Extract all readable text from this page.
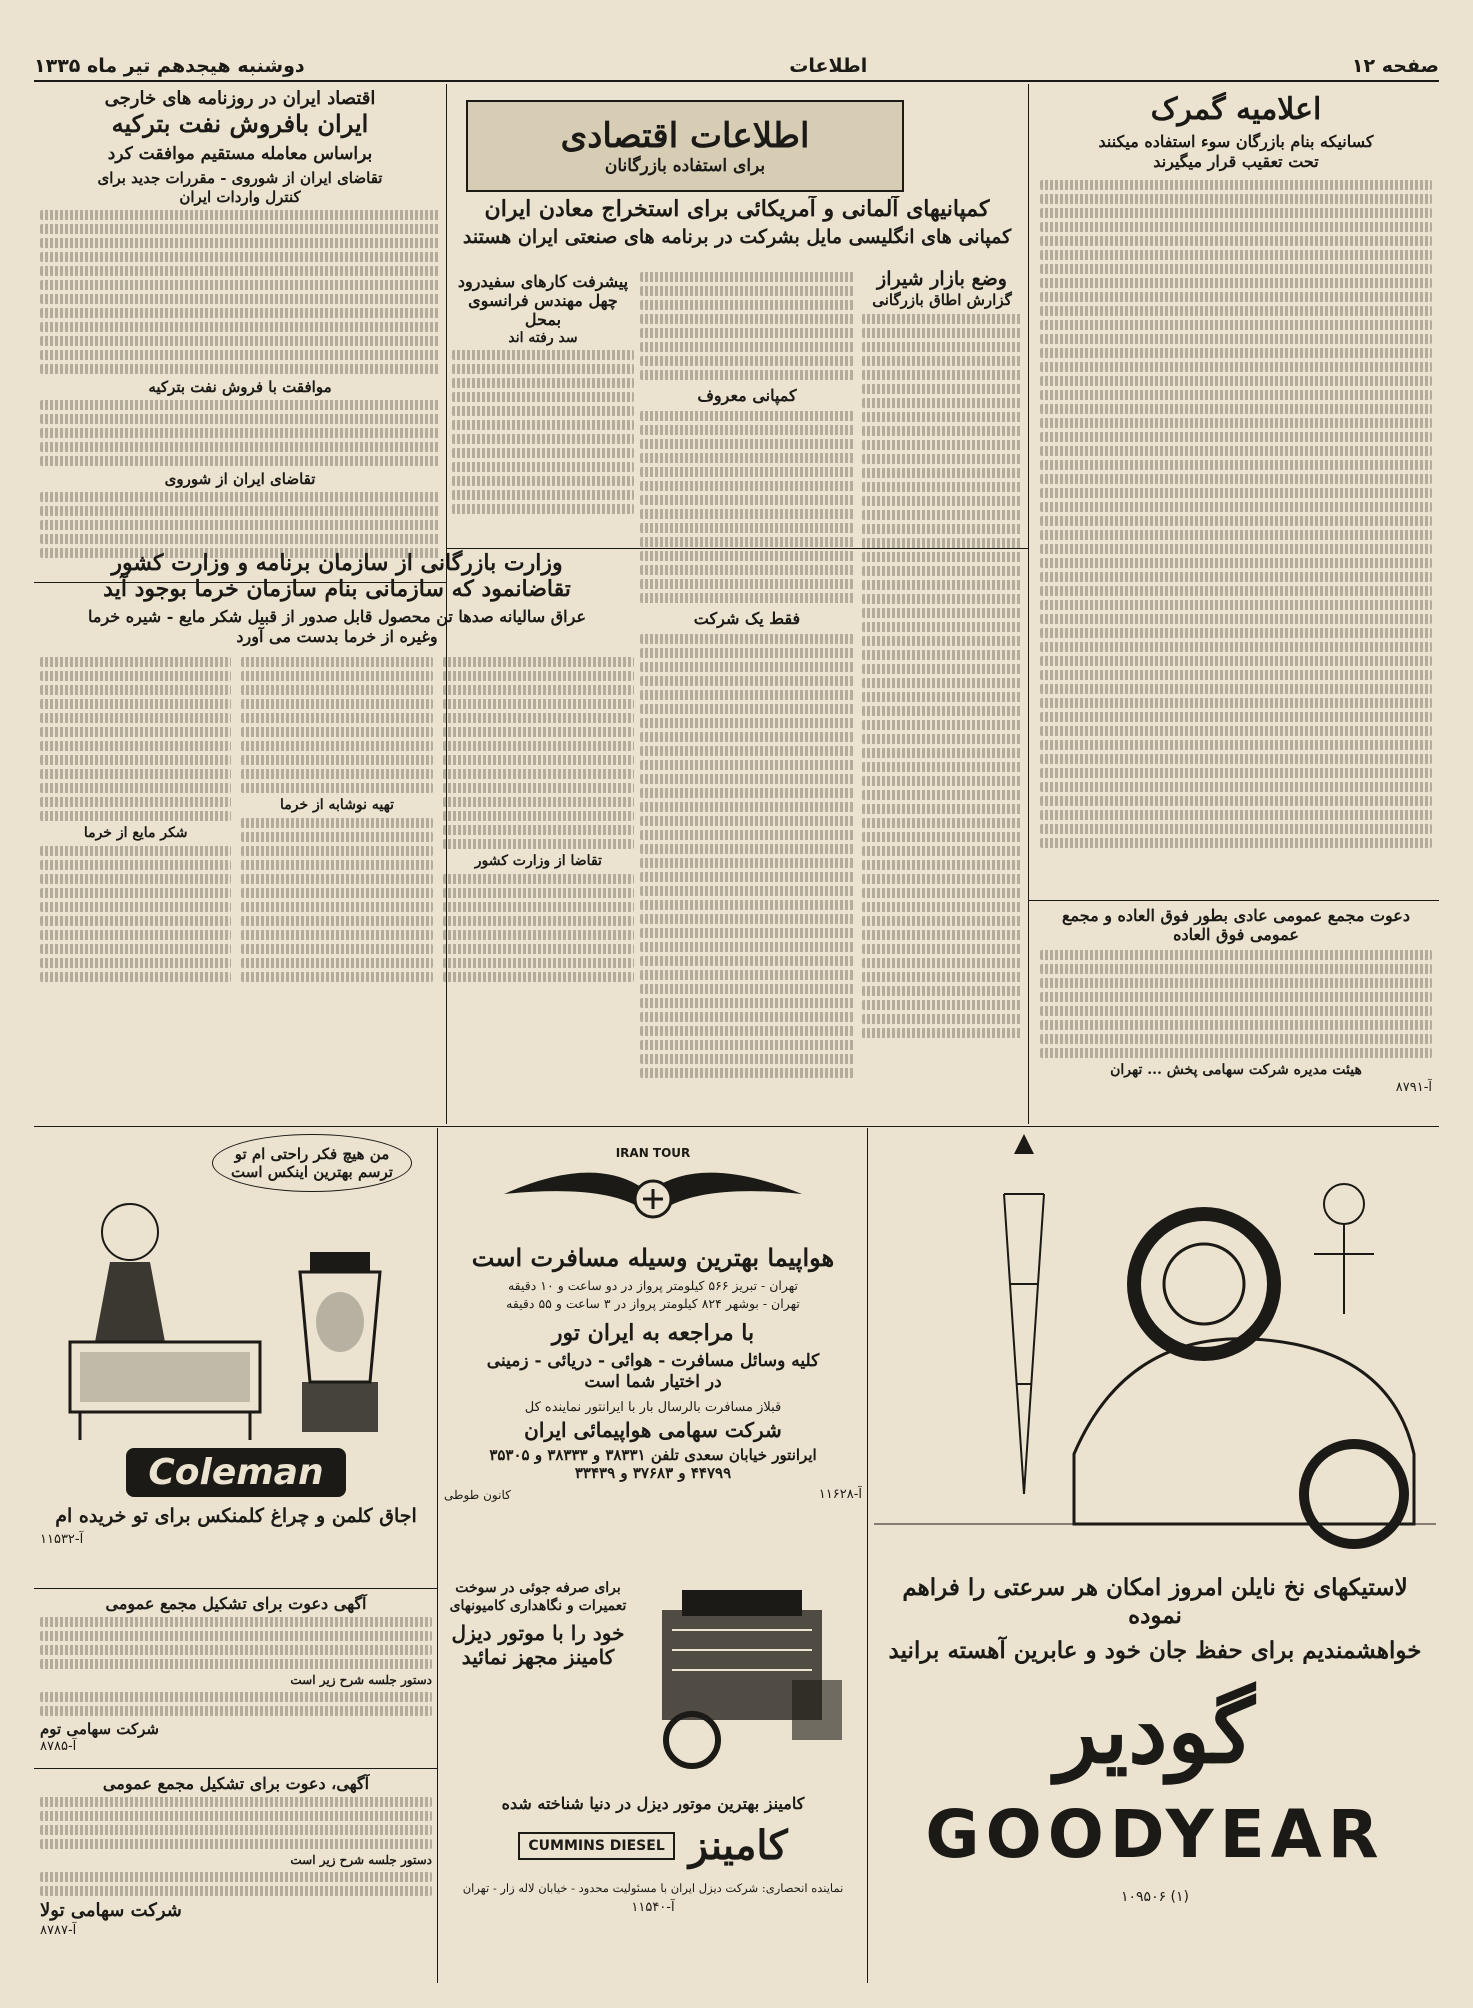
صفحه ۱۲
اطلاعات
دوشنبه هیجدهم تیر ماه ۱۳۳۵
اطلاعات اقتصادی
برای استفاده بازرگانان
اعلامیه گمرک
کسانیکه بنام بازرگان سوء استفاده میکنند
تحت تعقیب قرار میگیرند
دعوت مجمع عمومی عادی بطور فوق العاده و مجمع
عمومی فوق العاده
هیئت مدیره شرکت سهامی پخش ... تهران
آ-۸۷۹۱
کمپانیهای آلمانی و آمریکائی برای استخراج معادن ایران
کمپانی های انگلیسی مایل بشرکت در برنامه های صنعتی ایران هستند
وضع بازار شیراز
گزارش اطاق بازرگانی
کمپانی معروف
فقط یک شرکت
پیشرفت کارهای سفیدرود
چهل مهندس فرانسوی بمحل
سد رفته اند
اقتصاد ایران در روزنامه های خارجی
ایران بافروش نفت بترکیه
براساس معامله مستقیم موافقت کرد
تقاضای ایران از شوروی - مقررات جدید برای
کنترل واردات ایران
موافقت با فروش نفت بترکیه
تقاضای ایران از شوروی
وزارت بازرگانی از سازمان برنامه و وزارت کشور
تقاضانمود که سازمانی بنام سازمان خرما بوجود آید
عراق سالیانه صدها تن محصول قابل صدور از قبیل شکر مایع - شیره خرما
وغیره از خرما بدست می آورد
تقاضا از وزارت کشور
تهیه نوشابه از خرما
شکر مایع از خرما
من هیچ فکر راحتی ام تو ترسم بهترین اینکس است
Coleman
اجاق کلمن و چراغ کلمنکس برای تو خریده ام
آ-۱۱۵۳۲
آگهی دعوت برای تشکیل مجمع عمومی
دستور جلسه شرح زیر است
شرکت سهامی توم
آ-۸۷۸۵
آگهی، دعوت برای تشکیل مجمع عمومی
دستور جلسه شرح زیر است
شرکت سهامی تولا
آ-۸۷۸۷
IRAN TOUR
هواپیما بهترین وسیله مسافرت است
تهران - تبریز ۵۶۶ کیلومتر پرواز در دو ساعت و ۱۰ دقیقه
تهران - بوشهر ۸۲۴ کیلومتر پرواز در ۳ ساعت و ۵۵ دقیقه
با مراجعه به ایران تور
کلیه وسائل مسافرت - هوائی - دریائی - زمینی
در اختیار شما است
قبلاز مسافرت بالرسال بار با ایرانتور نماینده کل
شرکت سهامی هواپیمائی ایران
ایرانتور خیابان سعدی تلفن ۳۸۳۳۱ و ۳۸۳۳۳ و ۳۵۳۰۵
۴۴۷۹۹ و ۳۷۶۸۳ و ۳۳۴۳۹
آ-۱۱۶۲۸
کانون طوطی
برای صرفه جوئی در سوخت
تعمیرات و نگاهداری کامیونهای
خود را با موتور دیزل
کامینز مجهز نمائید
کامینز بهترین موتور دیزل در دنیا شناخته شده
کامینز
CUMMINS DIESEL
نماینده انحصاری: شرکت دیزل ایران با مسئولیت محدود - خیابان لاله زار - تهران
آ-۱۱۵۴۰
لاستیکهای نخ نایلن امروز امکان هر سرعتی را فراهم نموده
خواهشمندیم برای حفظ جان خود و عابرین آهسته برانید
گودیر
GOODYEAR
۱۰۹۵۰۶ (۱)
